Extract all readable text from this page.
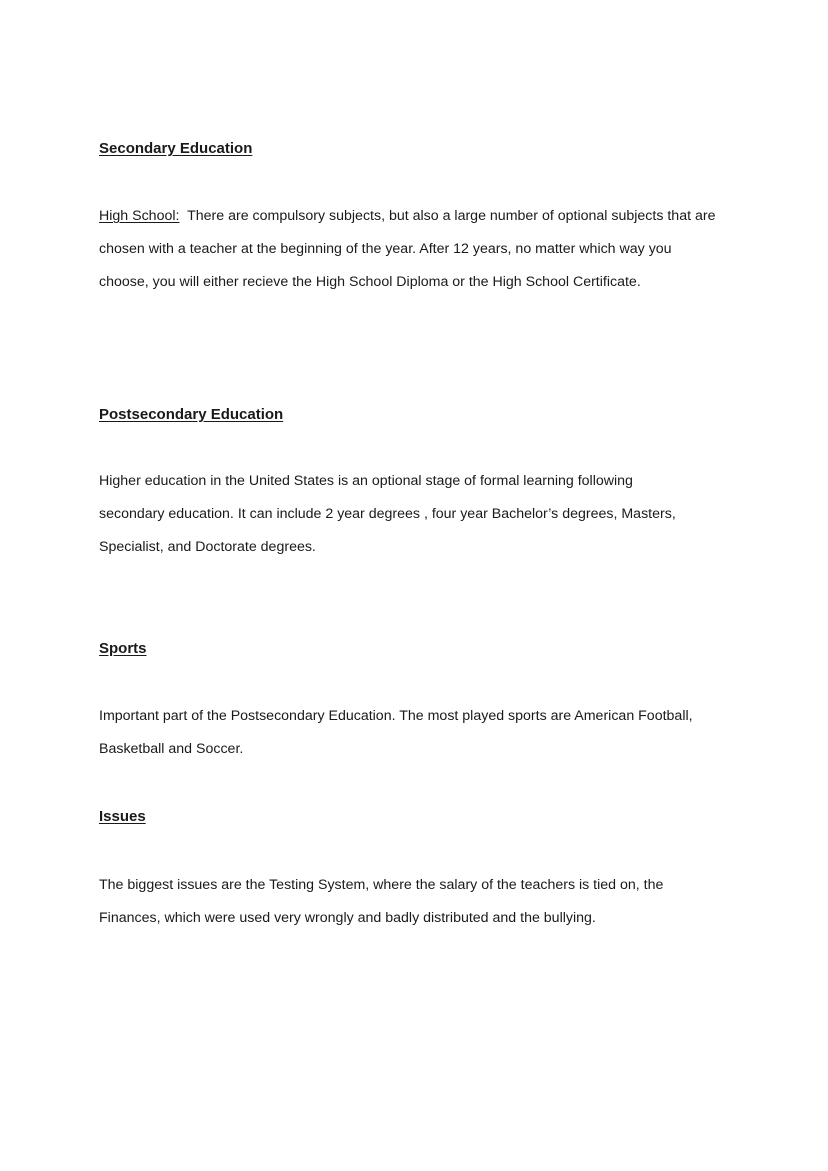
Secondary Education

High School: There are compulsory subjects, but also a large number of optional subjects that are chosen with a teacher at the beginning of the year. After 12 years, no matter which way you choose, you will either recieve the High School Diploma or the High School Certificate.

Postsecondary Education

Higher education in the United States is an optional stage of formal learning following secondary education. It can include 2 year degrees , four year Bachelor’s degrees, Masters, Specialist, and Doctorate degrees.

Sports

Important part of the Postsecondary Education. The most played sports are American Football, Basketball and Soccer.

Issues

The biggest issues are the Testing System, where the salary of the teachers is tied on, the Finances, which were used very wrongly and badly distributed and the bullying.
